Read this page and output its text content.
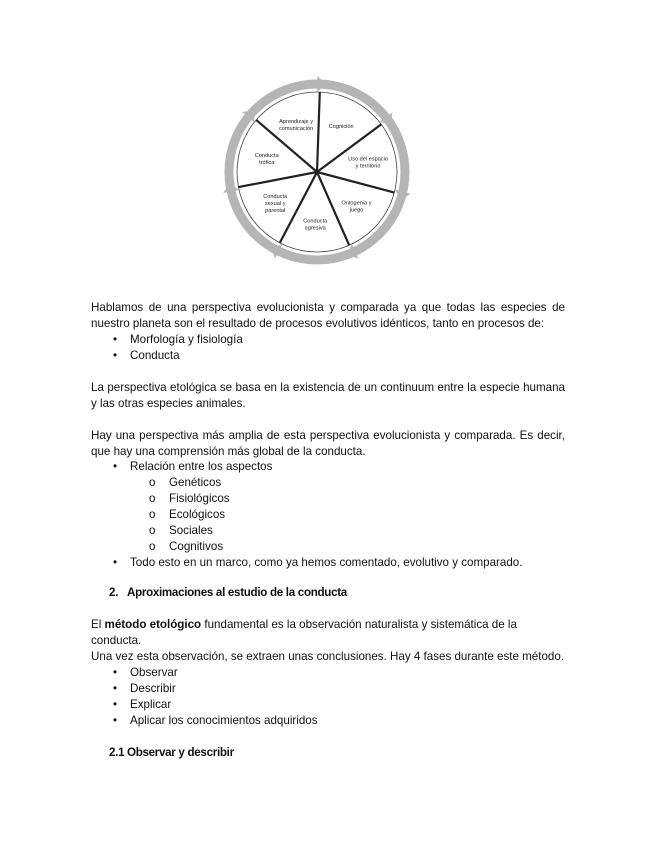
Cognición
Uso del espacio y territorio
Ontogenia y juego
Conducta agresiva
Conducta sexual y parental
Conducta trófica
Aprendizaje y comunicación
Hablamos de una perspectiva evolucionista y comparada ya que todas las especies de
nuestro planeta son el resultado de procesos evolutivos idénticos, tanto en procesos de:
• Morfología y fisiología
• Conducta
La perspectiva etológica se basa en la existencia de un continuum entre la especie humana
y las otras especies animales.
Hay una perspectiva más amplia de esta perspectiva evolucionista y comparada. Es decir,
que hay una comprensión más global de la conducta.
• Relación entre los aspectos
o Genéticos
o Fisiológicos
o Ecológicos
o Sociales
o Cognitivos
• Todo esto en un marco, como ya hemos comentado, evolutivo y comparado.
2. Aproximaciones al estudio de la conducta
El método etológico fundamental es la observación naturalista y sistemática de la conducta.
Una vez esta observación, se extraen unas conclusiones. Hay 4 fases durante este método.
• Observar
• Describir
• Explicar
• Aplicar los conocimientos adquiridos
2.1 Observar y describir
